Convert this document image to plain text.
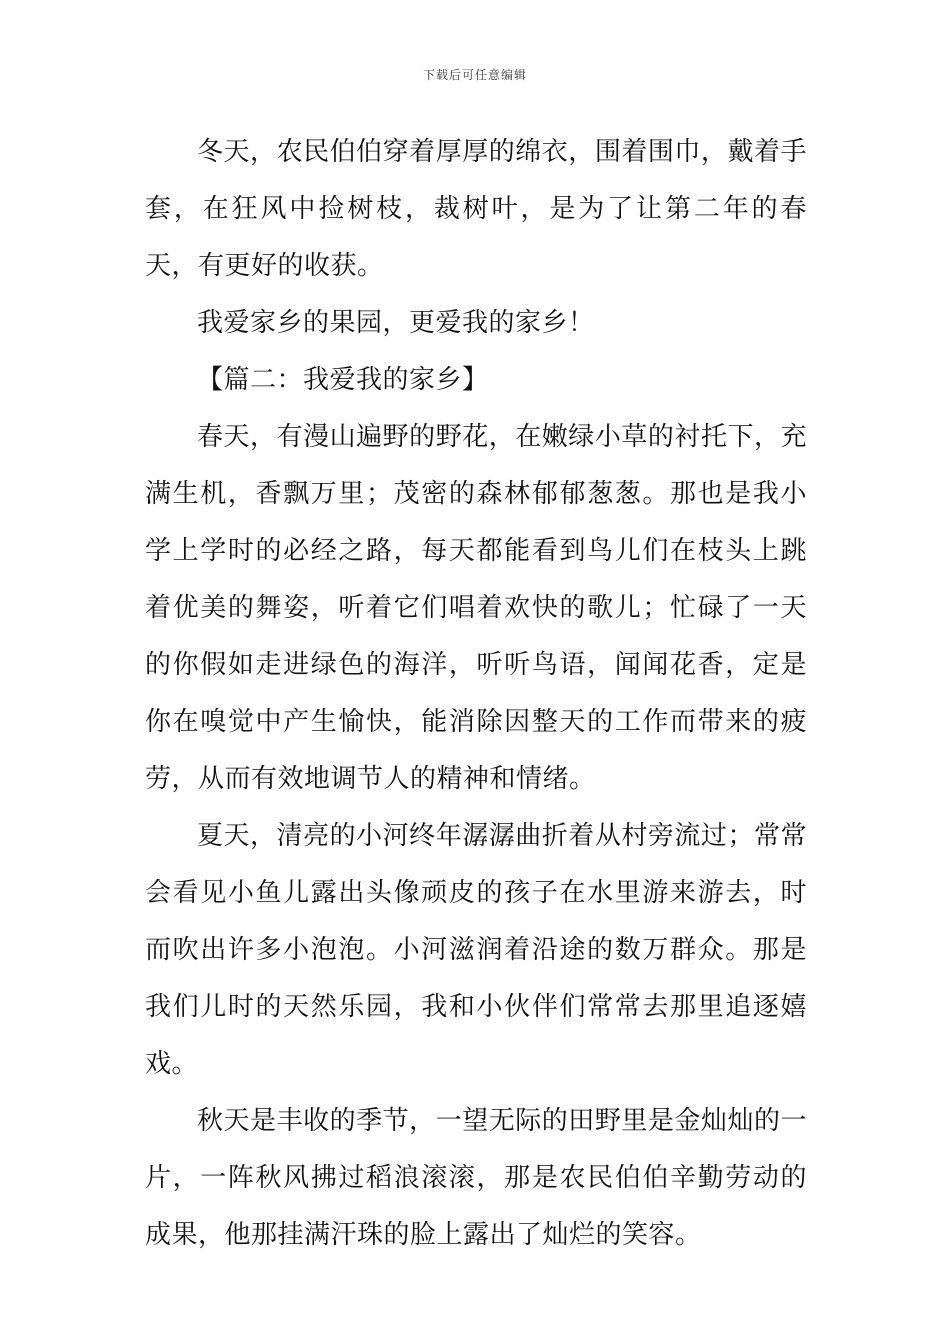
下载后可任意编辑

冬天，农民伯伯穿着厚厚的绵衣，围着围巾，戴着手套，在狂风中捡树枝，裁树叶，是为了让第二年的春天，有更好的收获。

我爱家乡的果园，更爱我的家乡！

【篇二：我爱我的家乡】

春天，有漫山遍野的野花，在嫩绿小草的衬托下，充满生机，香飘万里；茂密的森林郁郁葱葱。那也是我小学上学时的必经之路，每天都能看到鸟儿们在枝头上跳着优美的舞姿，听着它们唱着欢快的歌儿；忙碌了一天的你假如走进绿色的海洋，听听鸟语，闻闻花香，定是你在嗅觉中产生愉快，能消除因整天的工作而带来的疲劳，从而有效地调节人的精神和情绪。

夏天，清亮的小河终年潺潺曲折着从村旁流过；常常会看见小鱼儿露出头像顽皮的孩子在水里游来游去，时而吹出许多小泡泡。小河滋润着沿途的数万群众。那是我们儿时的天然乐园，我和小伙伴们常常去那里追逐嬉戏。

秋天是丰收的季节，一望无际的田野里是金灿灿的一片，一阵秋风拂过稻浪滚滚，那是农民伯伯辛勤劳动的成果，他那挂满汗珠的脸上露出了灿烂的笑容。
